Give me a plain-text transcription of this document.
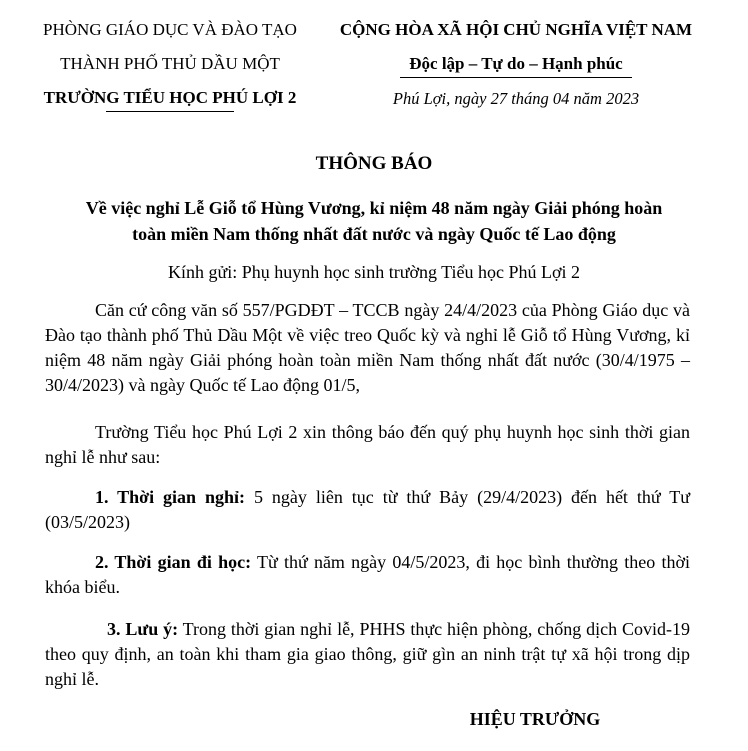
PHÒNG GIÁO DỤC VÀ ĐÀO TẠO
THÀNH PHỐ THỦ DẦU MỘT
TRƯỜNG TIỂU HỌC PHÚ LỢI 2
CỘNG HÒA XÃ HỘI CHỦ NGHĨA VIỆT NAM
Độc lập – Tự do – Hạnh phúc
Phú Lợi, ngày 27 tháng 04 năm 2023
THÔNG BÁO
Về việc nghỉ Lễ Giỗ tổ Hùng Vương, kỉ niệm 48 năm ngày Giải phóng hoàn
toàn miền Nam thống nhất đất nước và ngày Quốc tế Lao động
Kính gửi: Phụ huynh học sinh trường Tiểu học Phú Lợi 2
Căn cứ công văn số 557/PGDĐT – TCCB ngày 24/4/2023 của Phòng Giáo dục và Đào tạo thành phố Thủ Dầu Một về việc treo Quốc kỳ và nghỉ lễ Giỗ tổ Hùng Vương, kỉ niệm 48 năm ngày Giải phóng hoàn toàn miền Nam thống nhất đất nước (30/4/1975 – 30/4/2023) và ngày Quốc tế Lao động 01/5,
Trường Tiểu học Phú Lợi 2 xin thông báo đến quý phụ huynh học sinh thời gian nghỉ lễ như sau:
1. Thời gian nghỉ: 5 ngày liên tục từ thứ Bảy (29/4/2023) đến hết thứ Tư (03/5/2023)
2. Thời gian đi học: Từ thứ năm ngày 04/5/2023, đi học bình thường theo thời khóa biểu.
3. Lưu ý: Trong thời gian nghỉ lễ, PHHS thực hiện phòng, chống dịch Covid-19 theo quy định, an toàn khi tham gia giao thông, giữ gìn an ninh trật tự xã hội trong dịp nghỉ lễ.
HIỆU TRƯỞNG
